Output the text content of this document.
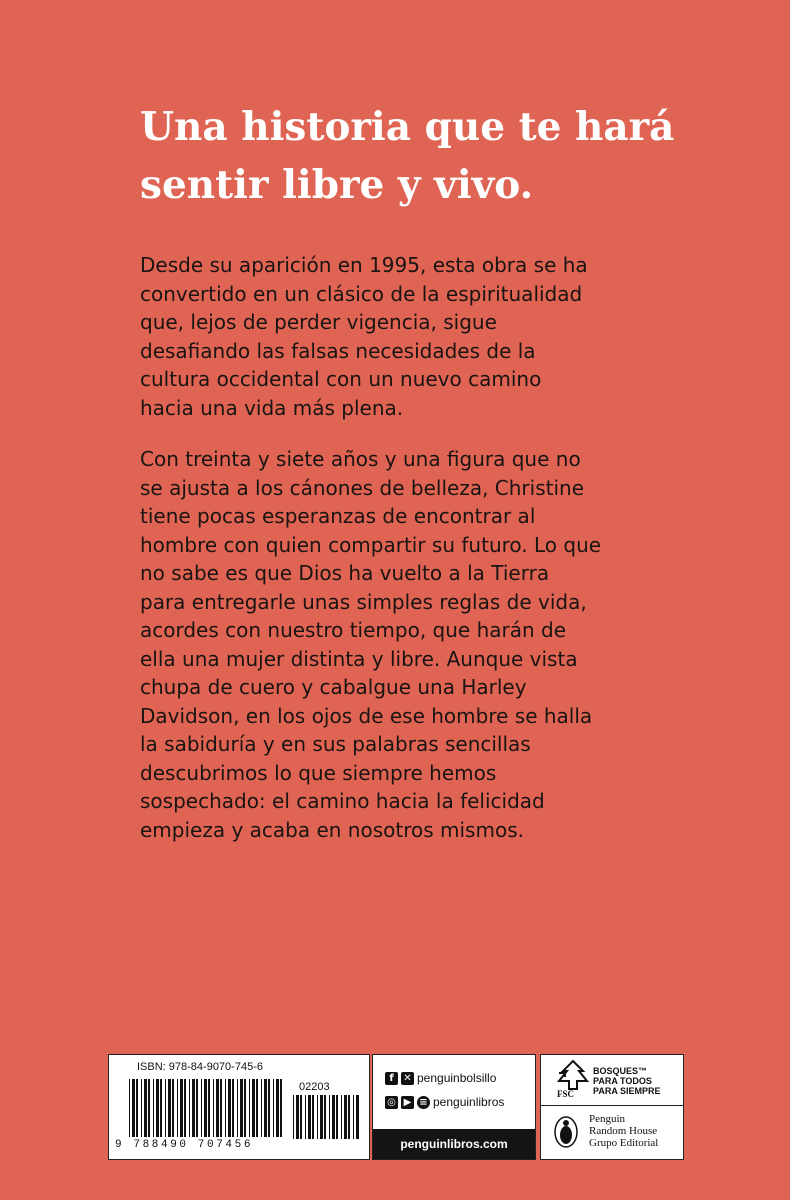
Una historia que te hará
sentir libre y vivo.

Desde su aparición en 1995, esta obra se ha
convertido en un clásico de la espiritualidad
que, lejos de perder vigencia, sigue
desafiando las falsas necesidades de la
cultura occidental con un nuevo camino
hacia una vida más plena.

Con treinta y siete años y una figura que no
se ajusta a los cánones de belleza, Christine
tiene pocas esperanzas de encontrar al
hombre con quien compartir su futuro. Lo que
no sabe es que Dios ha vuelto a la Tierra
para entregarle unas simples reglas de vida,
acordes con nuestro tiempo, que harán de
ella una mujer distinta y libre. Aunque vista
chupa de cuero y cabalgue una Harley
Davidson, en los ojos de ese hombre se halla
la sabiduría y en sus palabras sencillas
descubrimos lo que siempre hemos
sospechado: el camino hacia la felicidad
empieza y acaba en nosotros mismos.

ISBN: 978-84-9070-745-6
02203
9 788490 707456
f ✕ penguinbolsillo
◎ ▶ ≡ penguinlibros
penguinlibros.com
FSC
BOSQUES™
PARA TODOS
PARA SIEMPRE
Penguin
Random House
Grupo Editorial
